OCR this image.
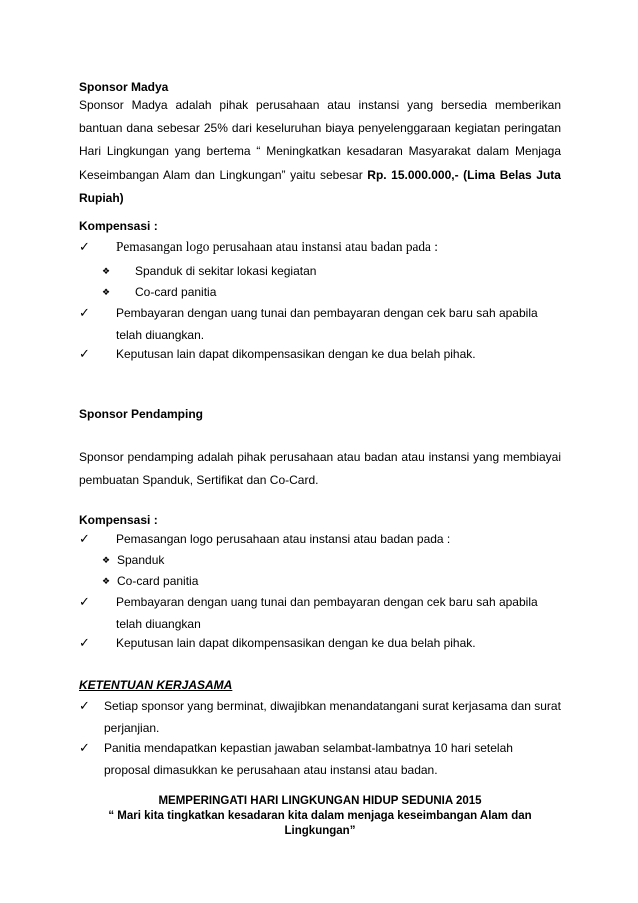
Sponsor Madya
Sponsor Madya adalah pihak perusahaan atau instansi yang bersedia memberikan bantuan dana sebesar 25% dari keseluruhan biaya penyelenggaraan kegiatan peringatan Hari Lingkungan yang bertema “ Meningkatkan kesadaran Masyarakat dalam Menjaga Keseimbangan Alam dan Lingkungan” yaitu sebesar Rp. 15.000.000,- (Lima Belas Juta Rupiah)
Kompensasi :
✓	Pemasangan logo perusahaan atau instansi atau badan pada :
❖	Spanduk di sekitar lokasi kegiatan
❖	Co-card panitia
✓	Pembayaran dengan uang tunai dan pembayaran dengan cek baru sah apabila telah diuangkan.
✓	Keputusan lain dapat dikompensasikan dengan ke dua belah pihak.
Sponsor Pendamping
Sponsor pendamping adalah pihak perusahaan atau badan atau instansi yang membiayai pembuatan Spanduk, Sertifikat dan Co-Card.
Kompensasi :
✓	Pemasangan logo perusahaan atau instansi atau badan pada :
❖ Spanduk
❖ Co-card panitia
✓	Pembayaran dengan uang tunai dan pembayaran dengan cek baru sah apabila telah diuangkan
✓	Keputusan lain dapat dikompensasikan dengan ke dua belah pihak.
KETENTUAN KERJASAMA
✓	Setiap sponsor yang berminat, diwajibkan menandatangani surat kerjasama dan surat perjanjian.
✓	Panitia mendapatkan kepastian jawaban selambat-lambatnya 10 hari setelah proposal dimasukkan ke perusahaan atau instansi atau badan.
MEMPERINGATI HARI LINGKUNGAN HIDUP SEDUNIA 2015
“ Mari kita tingkatkan kesadaran kita dalam menjaga keseimbangan Alam dan
Lingkungan”
